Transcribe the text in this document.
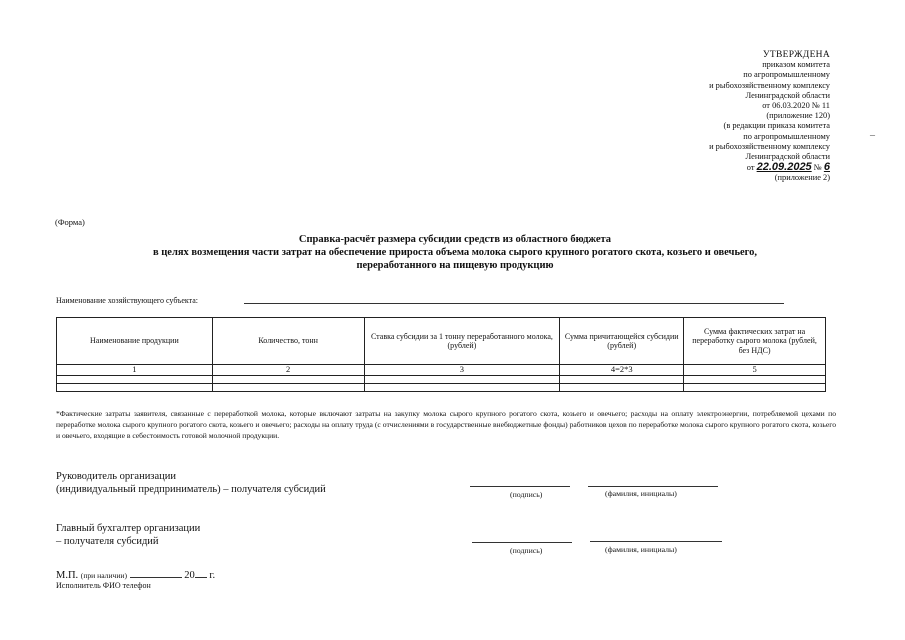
УТВЕРЖДЕНА
приказом комитета
по агропромышленному
и рыбохозяйственному комплексу
Ленинградской области
от 06.03.2020 № 11
(приложение 120)
(в редакции приказа комитета
по агропромышленному
и рыбохозяйственному комплексу
Ленинградской области
от 22.09.2025 № 6
(приложение 2)
–
(Форма)
Справка-расчёт размера субсидии средств из областного бюджета
в целях возмещения части затрат на обеспечение прироста объема молока сырого крупного рогатого скота, козьего и овечьего,
переработанного на пищевую продукцию
Наименование хозяйствующего субъекта:
Наименование продукции	Количество, тонн	Ставка субсидии за 1 тонну переработанного молока, (рублей)	Сумма причитающейся субсидии (рублей)	Сумма фактических затрат на переработку сырого молока (рублей, без НДС)
1	2	3	4=2*3	5

*Фактические затраты заявителя, связанные с переработкой молока, которые включают затраты на закупку молока сырого крупного рогатого скота, козьего и овечьего; расходы на оплату электроэнергии, потребляемой цехами по переработке молока сырого крупного рогатого скота, козьего и овечьего; расходы на оплату труда (с отчислениями в государственные внебюджетные фонды) работников цехов по переработке молока сырого крупного рогатого скота, козьего и овечьего, входящие в себестоимость готовой молочной продукции.
Руководитель организации
(индивидуальный предприниматель) – получателя субсидий	(подпись)	(фамилия, инициалы)
Главный бухгалтер организации
– получателя субсидий
(подпись)	(фамилия, инициалы)
М.П. (при наличии)	20 г.
Исполнитель ФИО телефон
